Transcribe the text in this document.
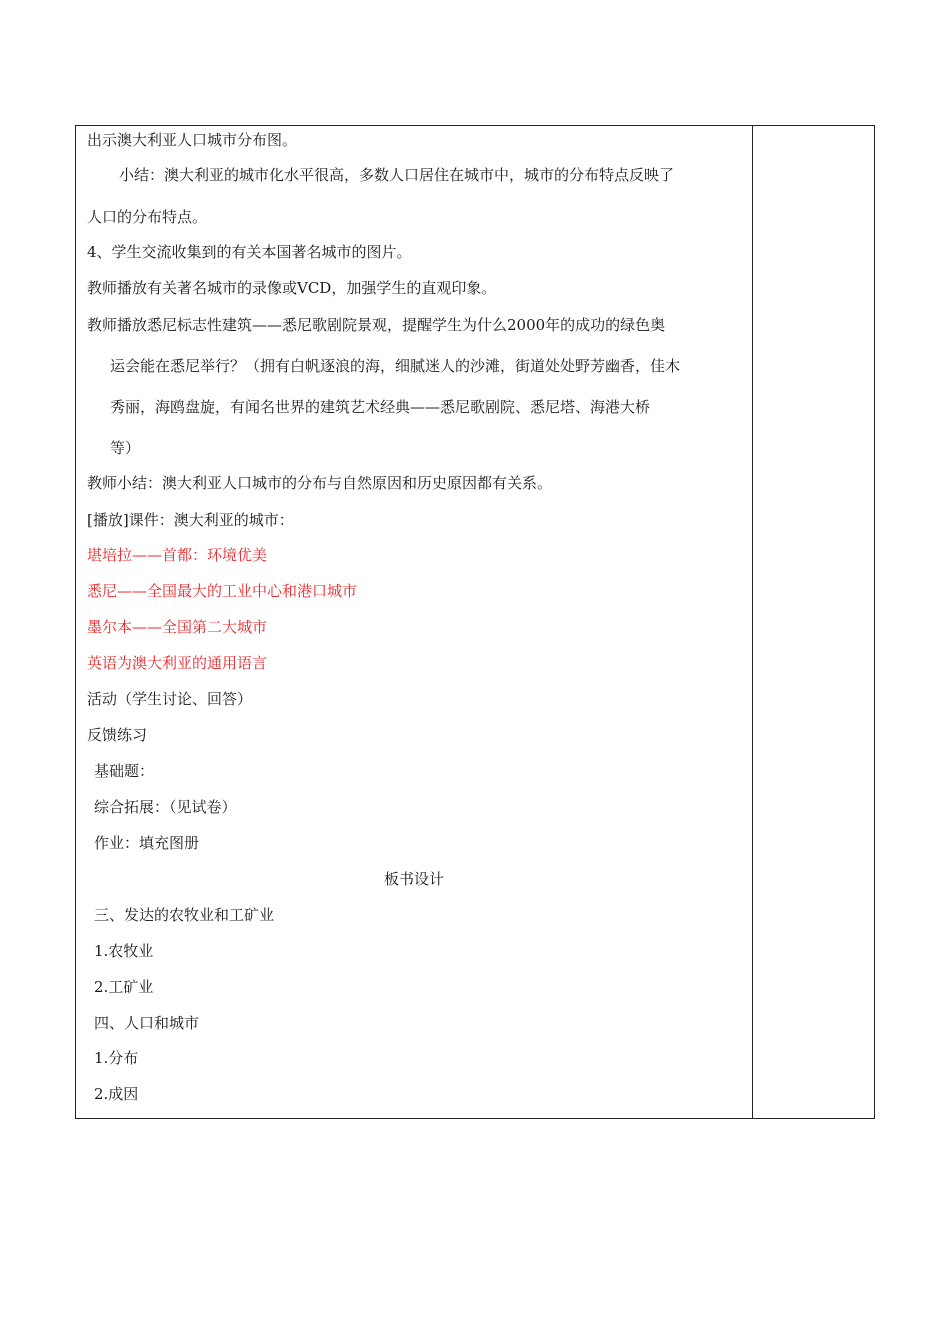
出示澳大利亚人口城市分布图。
小结：澳大利亚的城市化水平很高，多数人口居住在城市中，城市的分布特点反映了
人口的分布特点。
4、学生交流收集到的有关本国著名城市的图片。
教师播放有关著名城市的录像或VCD，加强学生的直观印象。
教师播放悉尼标志性建筑——悉尼歌剧院景观，提醒学生为什么2000年的成功的绿色奥
运会能在悉尼举行？（拥有白帆逐浪的海，细腻迷人的沙滩，街道处处野芳幽香，佳木
秀丽，海鸥盘旋，有闻名世界的建筑艺术经典——悉尼歌剧院、悉尼塔、海港大桥
等）
教师小结：澳大利亚人口城市的分布与自然原因和历史原因都有关系。
[播放]课件：澳大利亚的城市：
堪培拉——首都：环境优美
悉尼——全国最大的工业中心和港口城市
墨尔本——全国第二大城市
英语为澳大利亚的通用语言
活动（学生讨论、回答）
反馈练习
基础题：
综合拓展：（见试卷）
作业：填充图册
板书设计
三、发达的农牧业和工矿业
1.农牧业
2.工矿业
四、人口和城市
1.分布
2.成因
